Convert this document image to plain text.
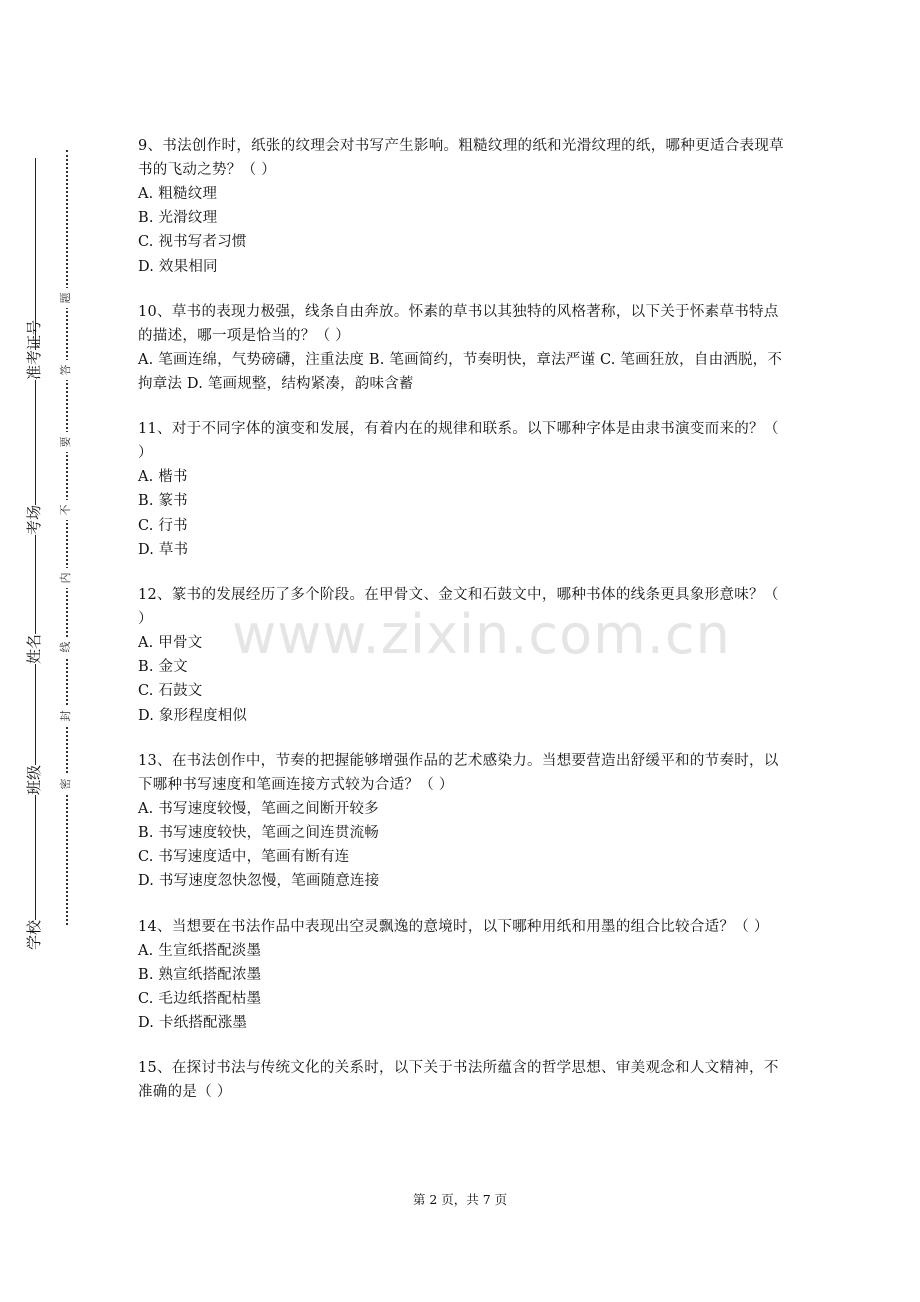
准考证号
考场
姓名
班级
学校
题
答
要
不
内
线
封
密
www.zixin.com.cn
9、书法创作时，纸张的纹理会对书写产生影响。粗糙纹理的纸和光滑纹理的纸，哪种更适合表现草书的飞动之势？（ ）
A. 粗糙纹理
B. 光滑纹理
C. 视书写者习惯
D. 效果相同
10、草书的表现力极强，线条自由奔放。怀素的草书以其独特的风格著称，以下关于怀素草书特点的描述，哪一项是恰当的？（ ）
A. 笔画连绵，气势磅礴，注重法度 B. 笔画简约，节奏明快，章法严谨 C. 笔画狂放，自由洒脱，不拘章法 D. 笔画规整，结构紧凑，韵味含蓄
11、对于不同字体的演变和发展，有着内在的规律和联系。以下哪种字体是由隶书演变而来的？（ ）
A. 楷书
B. 篆书
C. 行书
D. 草书
12、篆书的发展经历了多个阶段。在甲骨文、金文和石鼓文中，哪种书体的线条更具象形意味？（ ）
A. 甲骨文
B. 金文
C. 石鼓文
D. 象形程度相似
13、在书法创作中，节奏的把握能够增强作品的艺术感染力。当想要营造出舒缓平和的节奏时，以下哪种书写速度和笔画连接方式较为合适？（ ）
A. 书写速度较慢，笔画之间断开较多
B. 书写速度较快，笔画之间连贯流畅
C. 书写速度适中，笔画有断有连
D. 书写速度忽快忽慢，笔画随意连接
14、当想要在书法作品中表现出空灵飘逸的意境时，以下哪种用纸和用墨的组合比较合适？（ ）
A. 生宣纸搭配淡墨
B. 熟宣纸搭配浓墨
C. 毛边纸搭配枯墨
D. 卡纸搭配涨墨
15、在探讨书法与传统文化的关系时，以下关于书法所蕴含的哲学思想、审美观念和人文精神，不准确的是（ ）
第 2 页，共 7 页
